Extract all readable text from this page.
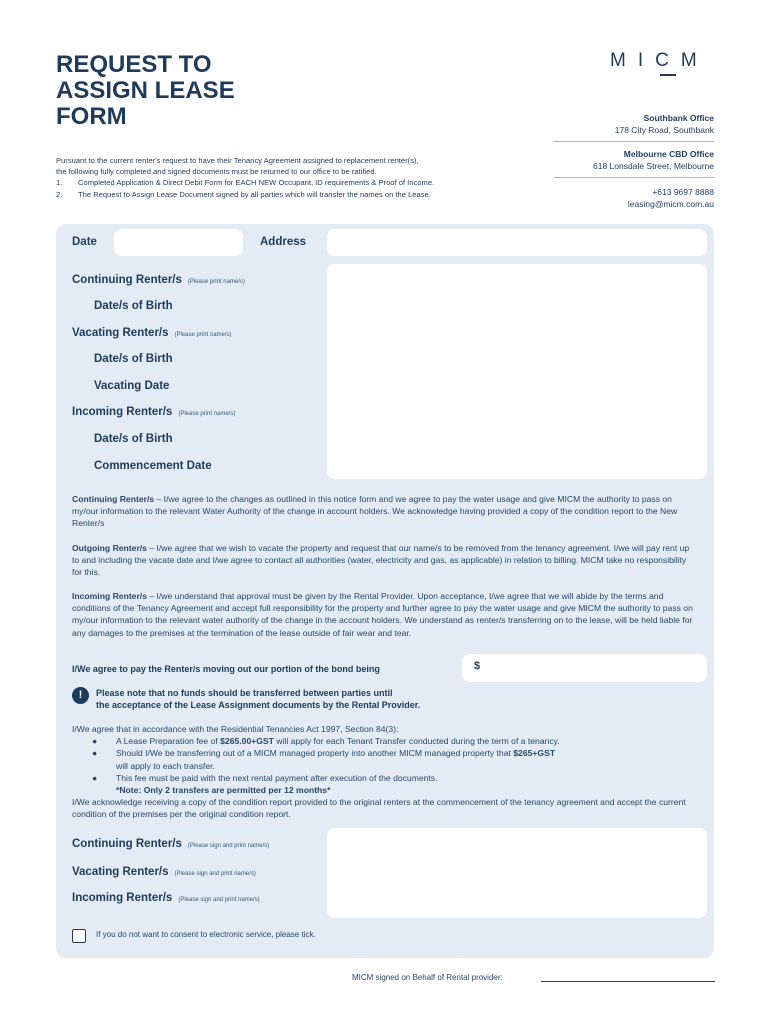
REQUEST TO
ASSIGN LEASE
FORM
MICM
Southbank Office
178 City Road, Southbank
Melbourne CBD Office
618 Lonsdale Street, Melbourne
+613 9697 8888
leasing@micm.com.au
Pursuant to the current renter's request to have their Tenancy Agreement assigned to replacement renter(s),
the following fully completed and signed documents must be returned to our office to be ratified.
1.	Completed Application & Direct Debit Form for EACH NEW Occupant, ID requirements & Proof of Income.
2.	The Request to Assign Lease Document signed by all parties which will transfer the names on the Lease.
Date	Address
Continuing Renter/s (Please print name/s)
Date/s of Birth
Vacating Renter/s (Please print name/s)
Date/s of Birth
Vacating Date
Incoming Renter/s (Please print name/s)
Date/s of Birth
Commencement Date
Continuing Renter/s – I/we agree to the changes as outlined in this notice form and we agree to pay the water usage and give MICM the authority to pass on my/our information to the relevant Water Authority of the change in account holders. We acknowledge having provided a copy of the condition report to the New Renter/s
Outgoing Renter/s – I/we agree that we wish to vacate the property and request that our name/s to be removed from the tenancy agreement. I/we will pay rent up to and including the vacate date and I/we agree to contact all authorities (water, electricity and gas, as applicable) in relation to billing. MICM take no responsibility for this.
Incoming Renter/s – I/we understand that approval must be given by the Rental Provider. Upon acceptance, I/we agree that we will abide by the terms and conditions of the Tenancy Agreement and accept full responsibility for the property and further agree to pay the water usage and give MICM the authority to pass on my/our information to the relevant water authority of the change in the account holders. We understand as renter/s transferring on to the lease, will be held liable for any damages to the premises at the termination of the lease outside of fair wear and tear.
I/We agree to pay the Renter/s moving out our portion of the bond being	$
!	Please note that no funds should be transferred between parties until
the acceptance of the Lease Assignment documents by the Rental Provider.
I/We agree that in accordance with the Residential Tenancies Act 1997, Section 84(3):
●	A Lease Preparation fee of $265.00+GST will apply for each Tenant Transfer conducted during the term of a tenancy.
●	Should I/We be transferring out of a MICM managed property into another MICM managed property that $265+GST
will apply to each transfer.
●	This fee must be paid with the next rental payment after execution of the documents.
*Note: Only 2 transfers are permitted per 12 months*
I/We acknowledge receiving a copy of the condition report provided to the original renters at the commencement of the tenancy agreement and accept the current condition of the premises per the original condition report.
Continuing Renter/s (Please sign and print name/s)
Vacating Renter/s (Please sign and print name/s)
Incoming Renter/s (Please sign and print name/s)
If you do not want to consent to electronic service, please tick.
MICM signed on Behalf of Rental provider:
